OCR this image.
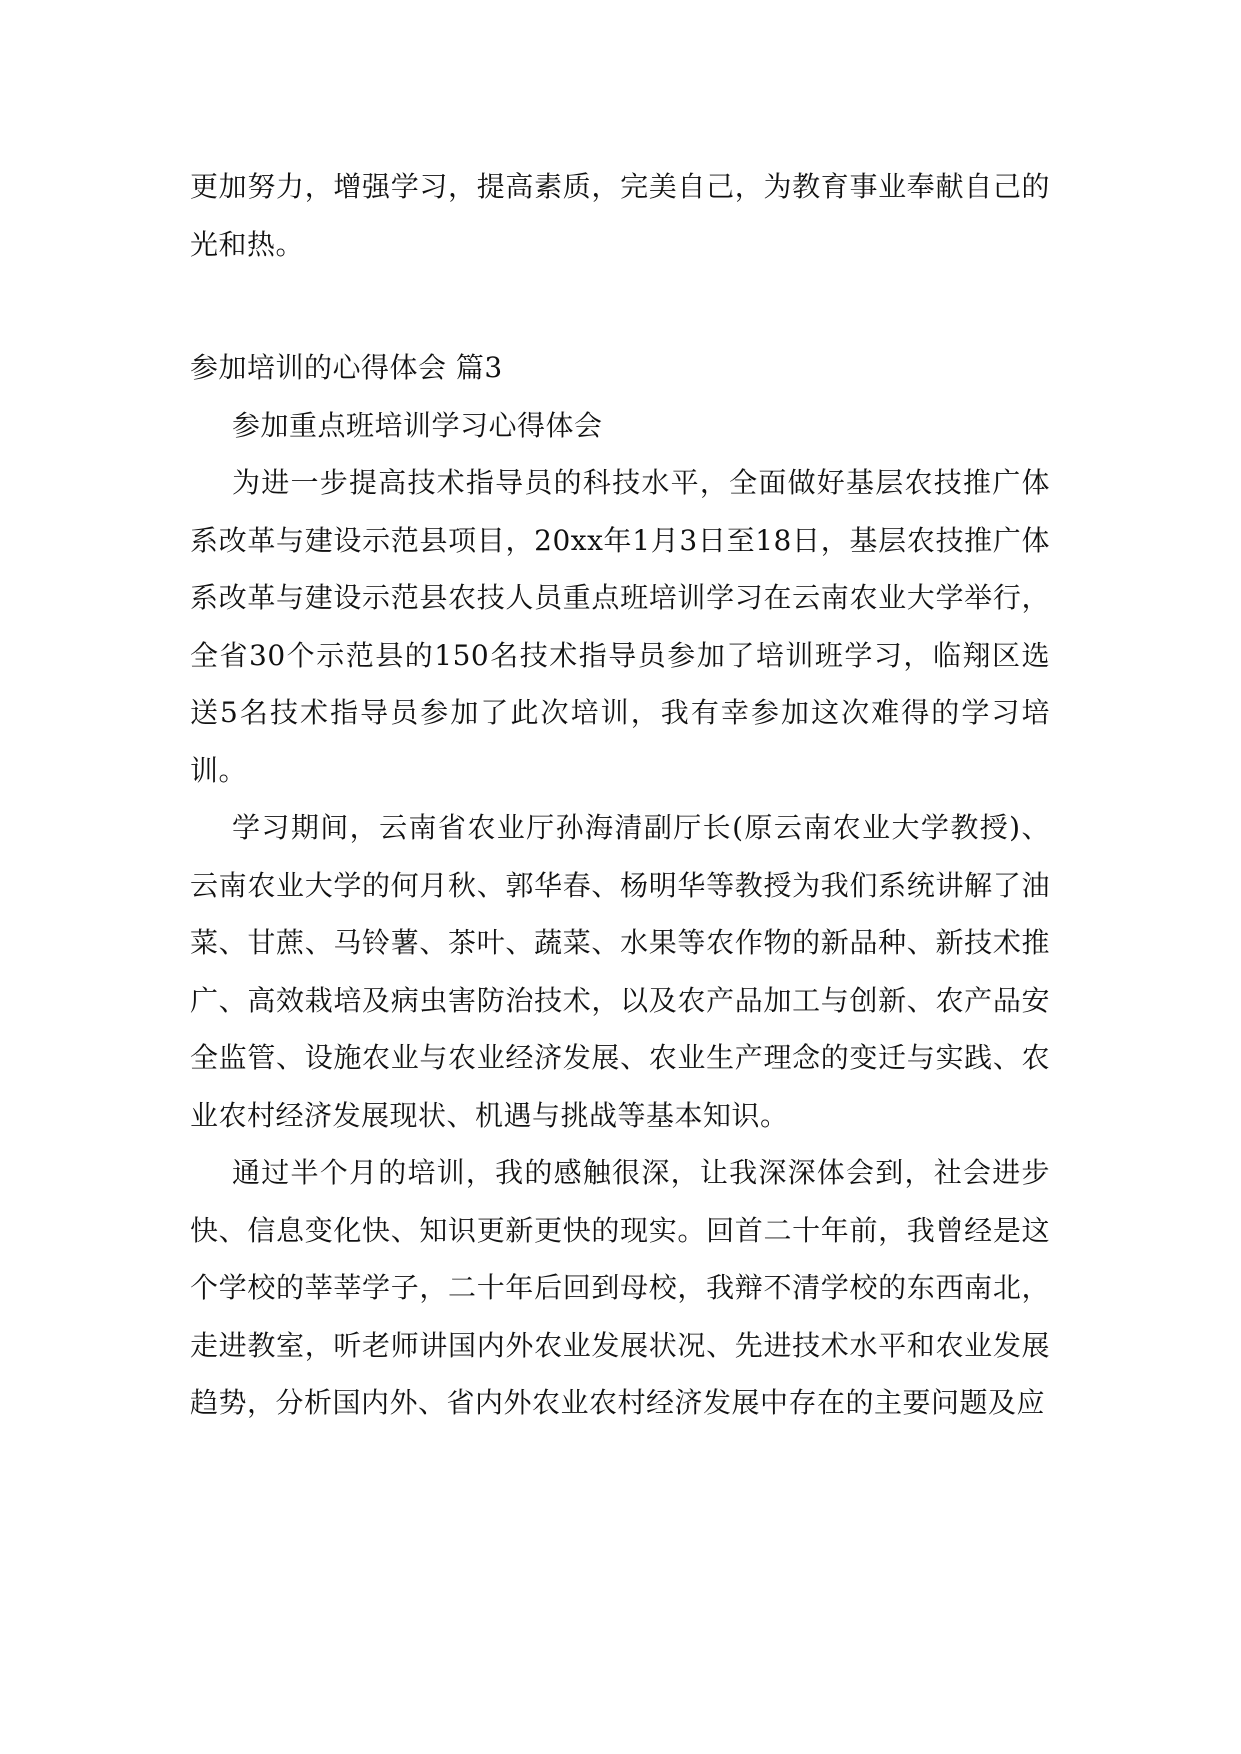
更加努力，增强学习，提高素质，完美自己，为教育事业奉献自己的光和热。

参加培训的心得体会 篇3

参加重点班培训学习心得体会

为进一步提高技术指导员的科技水平，全面做好基层农技推广体系改革与建设示范县项目，20xx年1月3日至18日，基层农技推广体系改革与建设示范县农技人员重点班培训学习在云南农业大学举行，全省30个示范县的150名技术指导员参加了培训班学习，临翔区选送5名技术指导员参加了此次培训，我有幸参加这次难得的学习培训。

学习期间，云南省农业厅孙海清副厅长(原云南农业大学教授)、云南农业大学的何月秋、郭华春、杨明华等教授为我们系统讲解了油菜、甘蔗、马铃薯、茶叶、蔬菜、水果等农作物的新品种、新技术推广、高效栽培及病虫害防治技术，以及农产品加工与创新、农产品安全监管、设施农业与农业经济发展、农业生产理念的变迁与实践、农业农村经济发展现状、机遇与挑战等基本知识。

通过半个月的培训，我的感触很深，让我深深体会到，社会进步快、信息变化快、知识更新更快的现实。回首二十年前，我曾经是这个学校的莘莘学子，二十年后回到母校，我辩不清学校的东西南北，走进教室，听老师讲国内外农业发展状况、先进技术水平和农业发展趋势，分析国内外、省内外农业农村经济发展中存在的主要问题及应
